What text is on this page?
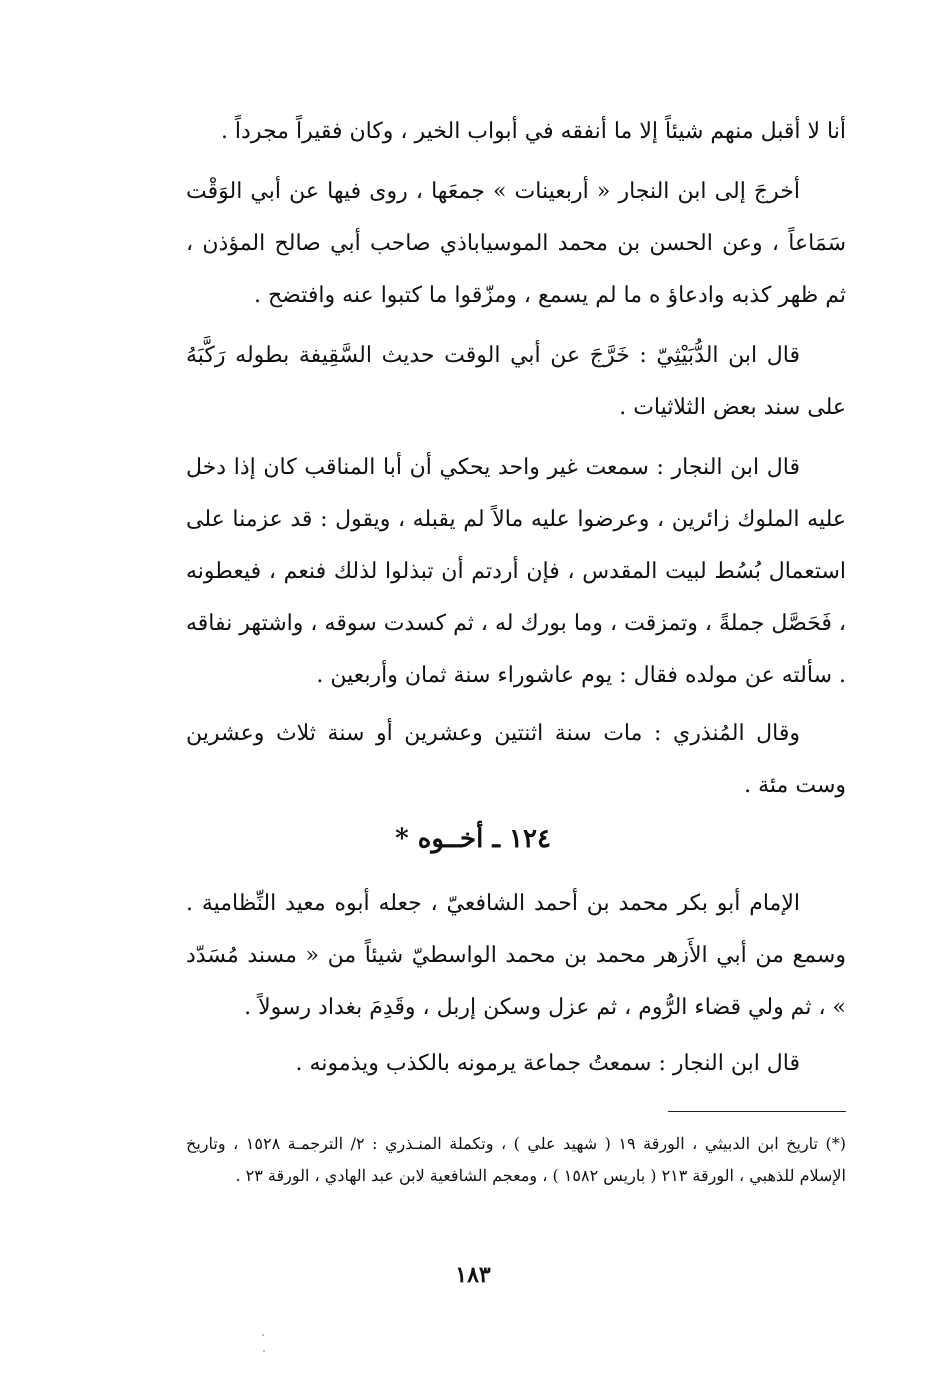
أنا لا أقبل منهم شيئاً إلا ما أنفقه في أبواب الخير ، وكان فقيراً مجرداً .

أخرجَ إلى ابن النجار « أربعينات » جمعَها ، روى فيها عن أبي الوَقْت سَمَاعاً ، وعن الحسن بن محمد الموسياباذي صاحب أبي صالح المؤذن ، ثم ظهر كذبه وادعاؤ ه ما لم يسمع ، ومزّقوا ما كتبوا عنه وافتضح .

قال ابن الدُّبَيْثِيّ : خَرَّجَ عن أبي الوقت حديث السَّقِيفة بطوله رَكَّبَهُ على سند بعض الثلاثيات .

قال ابن النجار : سمعت غير واحد يحكي أن أبا المناقب كان إذا دخل عليه الملوك زائرين ، وعرضوا عليه مالاً لم يقبله ، ويقول : قد عزمنا على استعمال بُسُط لبيت المقدس ، فإن أردتم أن تبذلوا لذلك فنعم ، فيعطونه ، فَحَصَّل جملةً ، وتمزقت ، وما بورك له ، ثم كسدت سوقه ، واشتهر نفاقه . سألته عن مولده فقال : يوم عاشوراء سنة ثمان وأربعين .

وقال المُنذري : مات سنة اثنتين وعشرين أو سنة ثلاث وعشرين وست مئة .

١٢٤ ـ أخــوه *

الإمام أبو بكر محمد بن أحمد الشافعيّ ، جعله أبوه معيد النِّظامية . وسمع من أبي الأَزهر محمد بن محمد الواسطيّ شيئاً من « مسند مُسَدّد » ، ثم ولي قضاء الرُّوم ، ثم عزل وسكن إربل ، وقَدِمَ بغداد رسولاً .

قال ابن النجار : سمعتُ جماعة يرمونه بالكذب ويذمونه .

(*) تاريخ ابن الدبيثي ، الورقة ١٩ ( شهيد علي ) ، وتكملة المنـذري : ٢/ الترجمـة ١٥٢٨ ، وتاريخ الإسلام للذهبي ، الورقة ٢١٣ ( باريس ١٥٨٢ ) ، ومعجم الشافعية لابن عبد الهادي ، الورقة ٢٣ .
١٨٣
